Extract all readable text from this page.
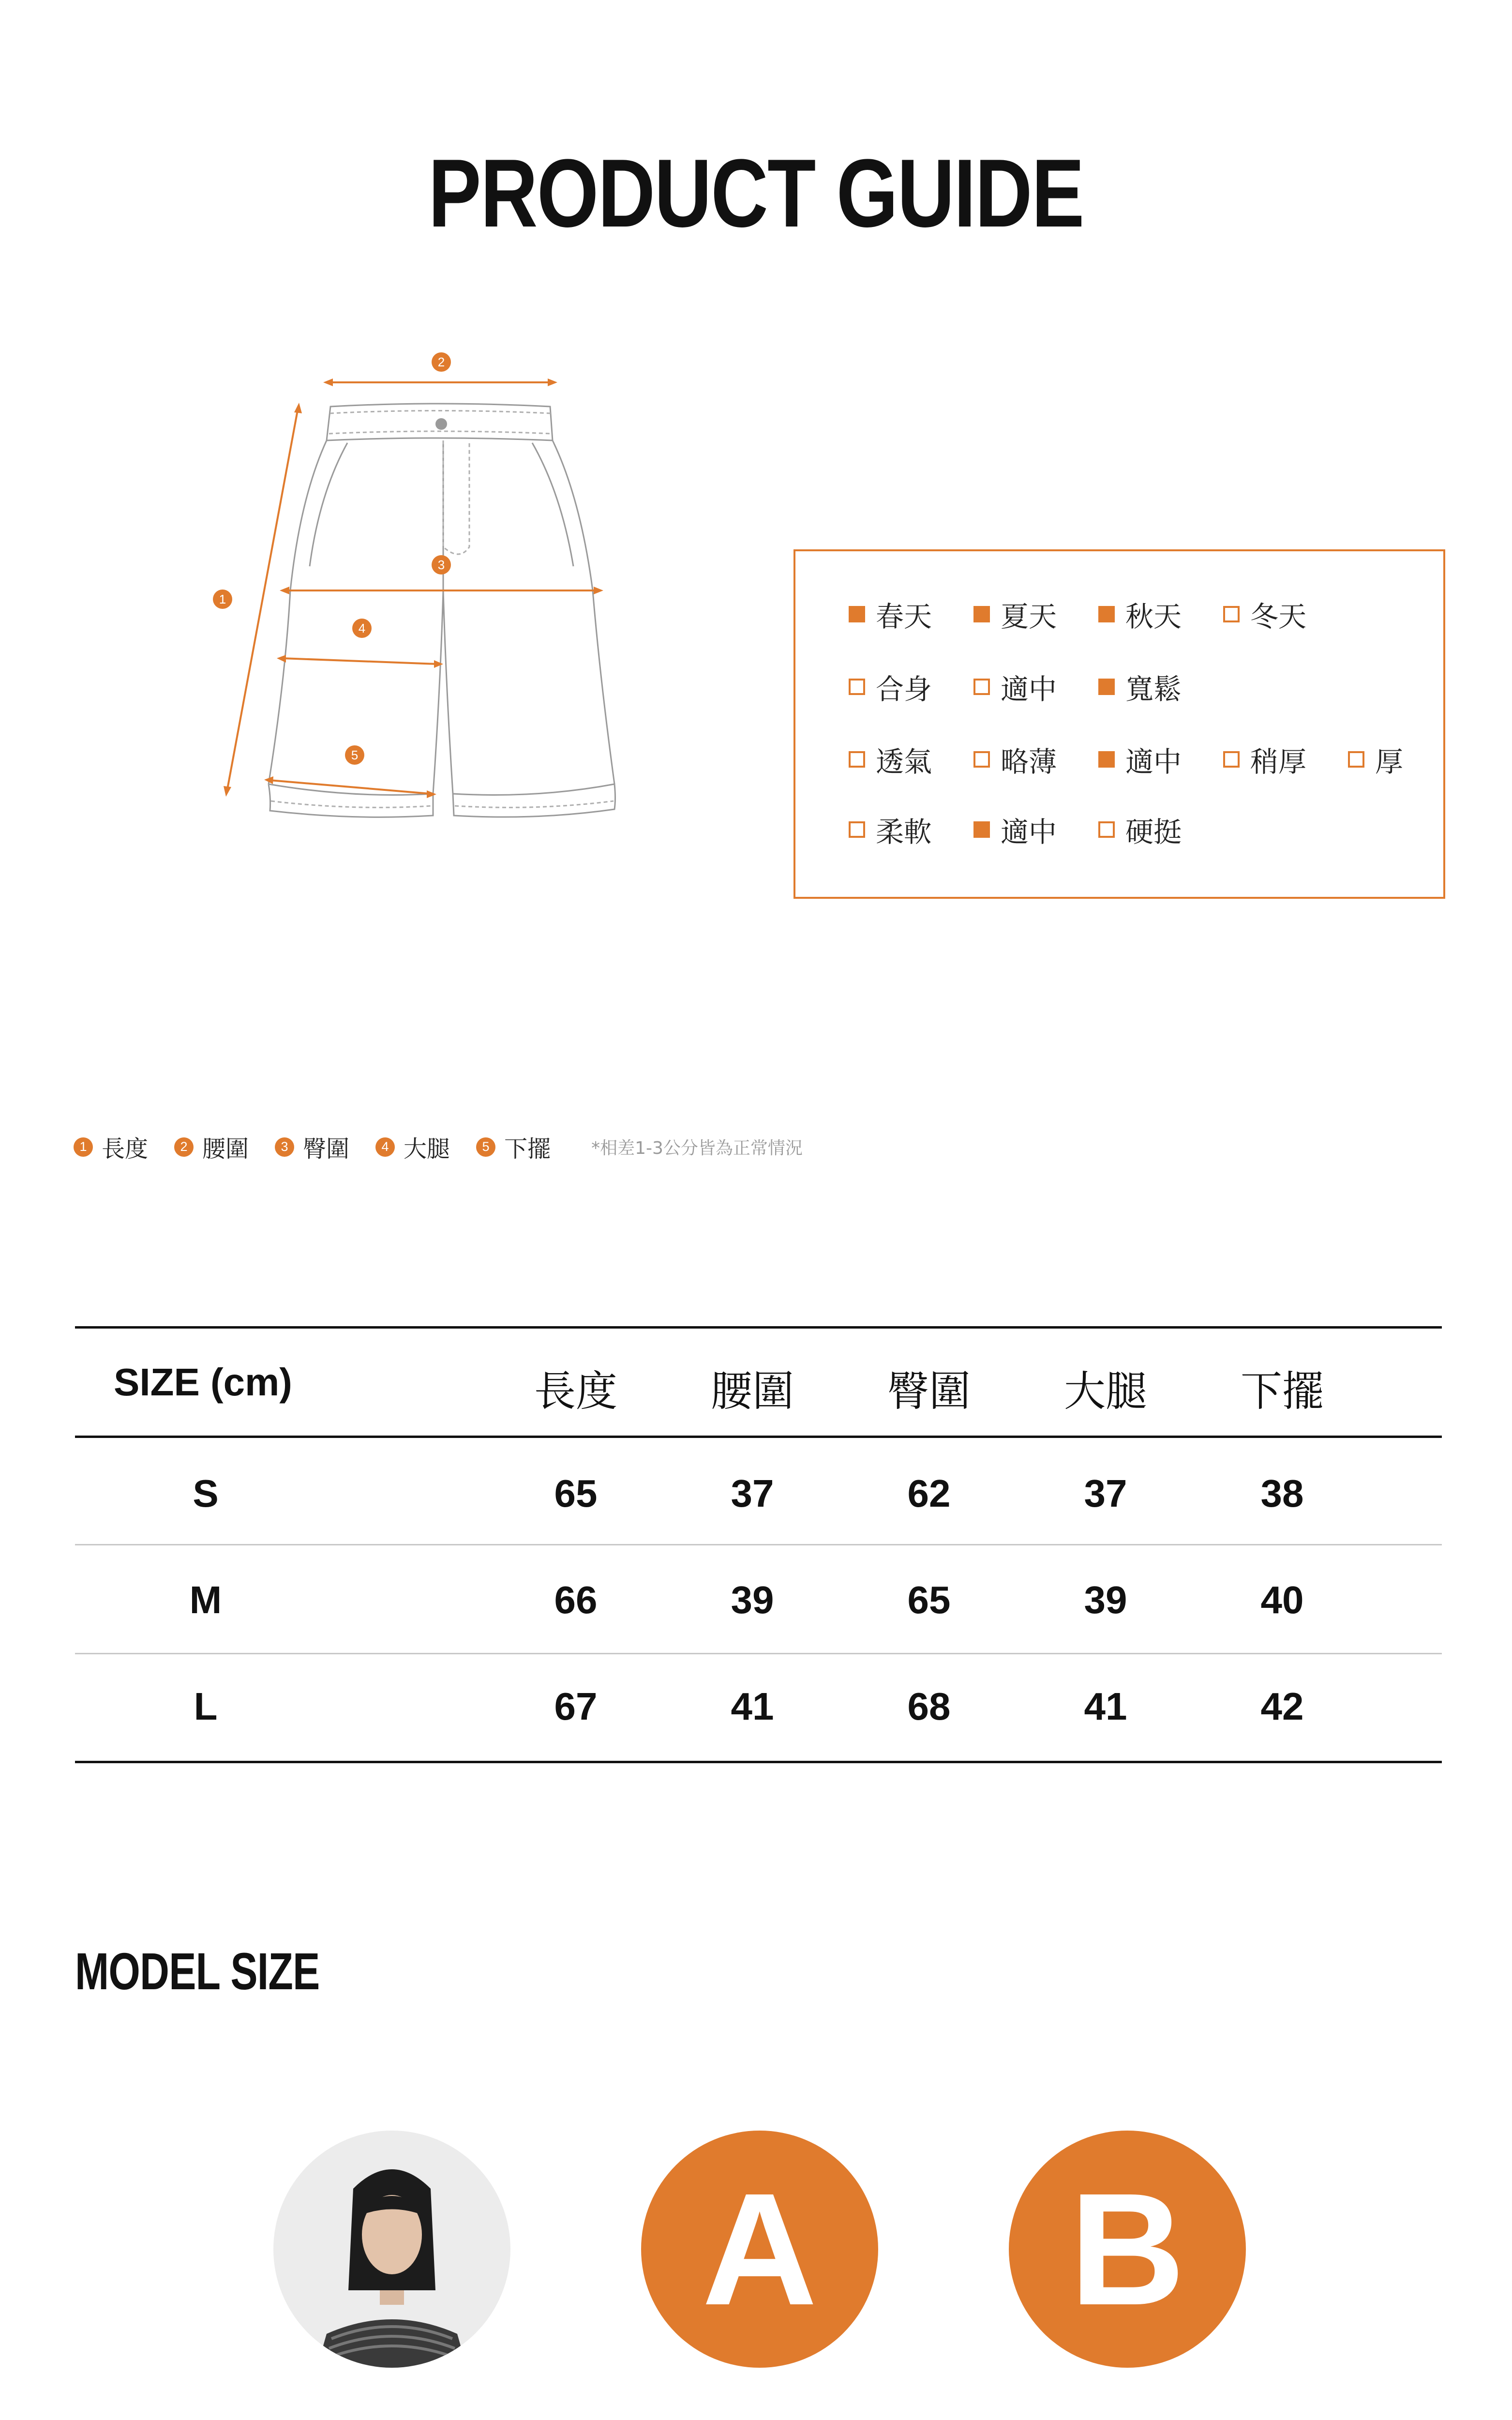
PRODUCT GUIDE
2
1
3
4
5
春天 夏天 秋天 冬天
合身 適中 寬鬆
透氣 略薄 適中 稍厚 厚
柔軟 適中 硬挺
1 長度	2 腰圍	3 臀圍	4 大腿	5 下擺 *相差1-3公分皆為正常情況
SIZE (cm)	長度 腰圍 臀圍 大腿 下擺
S	65	37	62	37	38
M	66	39	65	39	40
L	67	41	68	41	42
MODEL SIZE
A	B
